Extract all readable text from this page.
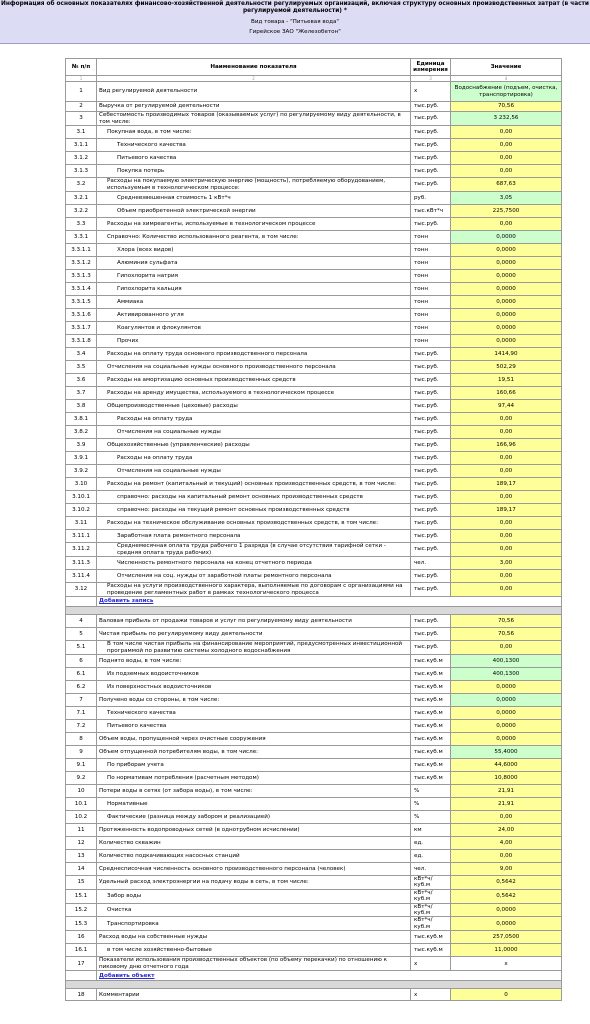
Информация об основных показателях финансово-хозяйственной деятельности регулируемых организаций, включая структуру основных производственных затрат (в части регулируемой деятельности) *
Вид товара - "Питьевая вода"
Гирейское ЗАО "Железобетон"
№ п/п	Наименование показателя	Единица измерения	Значение
1	2	3	4
1	Вид регулируемой деятельности	х	Водоснабжение (подъем, очистка, транспортировка)
2	Выручка от регулируемой деятельности	тыс.руб.	70,56
3	Себестоимость производимых товаров (оказываемых услуг) по регулируемому виду деятельности, в том числе:	тыс.руб.	3 232,56
3.1	Покупная вода, в том числе:	тыс.руб.	0,00
3.1.1	Технического качества	тыс.руб.	0,00
3.1.2	Питьевого качества	тыс.руб.	0,00
3.1.3	Покупка потерь	тыс.руб.	0,00
3.2	Расходы на покупаемую электрическую энергию (мощность), потребляемую оборудованием, используемым в технологическом процессе:	тыс.руб.	687,63
3.2.1	Средневзвешенная стоимость 1 кВт*ч	руб.	3,05
3.2.2	Объем приобретенной электрической энергии	тыс.кВт*ч	225,7500
3.3	Расходы на химреагенты, используемые в технологическом процессе	тыс.руб.	0,00
3.3.1	Справочно: Количество использованного реагента, в том числе:	тонн	0,0000
3.3.1.1	Хлора (всех видов)	тонн	0,0000
3.3.1.2	Алюминия сульфата	тонн	0,0000
3.3.1.3	Гипохлорита натрия	тонн	0,0000
3.3.1.4	Гипохлорита кальция	тонн	0,0000
3.3.1.5	Аммиака	тонн	0,0000
3.3.1.6	Активированного угля	тонн	0,0000
3.3.1.7	Коагулянтов и флокулянтов	тонн	0,0000
3.3.1.8	Прочих	тонн	0,0000
3.4	Расходы на оплату труда основного производственного персонала	тыс.руб.	1414,90
3.5	Отчисления на социальные нужды основного производственного персонала	тыс.руб.	502,29
3.6	Расходы на амортизацию основных производственных средств	тыс.руб.	19,51
3.7	Расходы на аренду имущества, используемого в технологическом процессе	тыс.руб.	160,66
3.8	Общепроизводственные (цеховые) расходы	тыс.руб.	97,44
3.8.1	Расходы на оплату труда	тыс.руб.	0,00
3.8.2	Отчисления на социальные нужды	тыс.руб.	0,00
3.9	Общехозяйственные (управленческие) расходы	тыс.руб.	166,96
3.9.1	Расходы на оплату труда	тыс.руб.	0,00
3.9.2	Отчисления на социальные нужды	тыс.руб.	0,00
3.10	Расходы на ремонт (капитальный и текущий) основных производственных средств, в том числе:	тыс.руб.	189,17
3.10.1	справочно: расходы на капитальный ремонт основных производственных средств	тыс.руб.	0,00
3.10.2	справочно: расходы на текущий ремонт основных производственных средств	тыс.руб.	189,17
3.11	Расходы на техническое обслуживание основных производственных средств, в том числе:	тыс.руб.	0,00
3.11.1	Заработная плата ремонтного персонала	тыс.руб.	0,00
3.11.2	Среднемесячная оплата труда рабочего 1 разряда (в случае отсутствия тарифной сетки - средняя оплата труда рабочих)	тыс.руб.	0,00
3.11.3	Численность ремонтного персонала на конец отчетного периода	чел.	3,00
3.11.4	Отчисления на соц. нужды от заработной платы ремонтного персонала	тыс.руб.	0,00
3.12	Расходы на услуги производственного характера, выполняемые по договорам с организациями на проведение регламентных работ в рамках технологического процесса	тыс.руб.	0,00
	Добавить запись		

4	Валовая прибыль от продажи товаров и услуг по регулируемому виду деятельности	тыс.руб.	70,56
5	Чистая прибыль по регулируемому виду деятельности	тыс.руб.	70,56
5.1	В том числе чистая прибыль на финансирование мероприятий, предусмотренных инвестиционной программой по развитию системы холодного водоснабжения	тыс.руб.	0,00
6	Поднято воды, в том числе:	тыс.куб.м	400,1300
6.1	Из подземных водоисточников	тыс.куб.м	400,1300
6.2	Из поверхностных водоисточников	тыс.куб.м	0,0000
7	Получено воды со стороны, в том числе:	тыс.куб.м	0,0000
7.1	Технического качества	тыс.куб.м	0,0000
7.2	Питьевого качества	тыс.куб.м	0,0000
8	Объем воды, пропущенной через очистные сооружения	тыс.куб.м	0,0000
9	Объем отпущенной потребителям воды, в том числе:	тыс.куб.м	55,4000
9.1	По приборам учета	тыс.куб.м	44,6000
9.2	По нормативам потребления (расчетным методом)	тыс.куб.м	10,8000
10	Потери воды в сетях (от забора воды), в том числе:	%	21,91
10.1	Нормативные	%	21,91
10.2	Фактические (разница между забором и реализацией)	%	0,00
11	Протяженность водопроводных сетей (в однотрубном исчислении)	км	24,00
12	Количество скважин	ед.	4,00
13	Количество подкачивающих насосных станций	ед.	0,00
14	Среднесписочная численность основного производственного персонала (человек)	чел.	9,00
15	Удельный расход электроэнергии на подачу воды в сеть, в том числе:	кВт*ч/куб.м	0,5642
15.1	Забор воды	кВт*ч/куб.м	0,5642
15.2	Очистка	кВт*ч/куб.м	0,0000
15.3	Транспортировка	кВт*ч/куб.м	0,0000
16	Расход воды на собственные нужды	тыс.куб.м	257,0500
16.1	в том числе хозяйственно-бытовые	тыс.куб.м	11,0000
17	Показатели использования производственных объектов (по объему перекачки) по отношению к пиковому дню отчетного года	х	х
	Добавить объект		

18	Комментарии	х	0
